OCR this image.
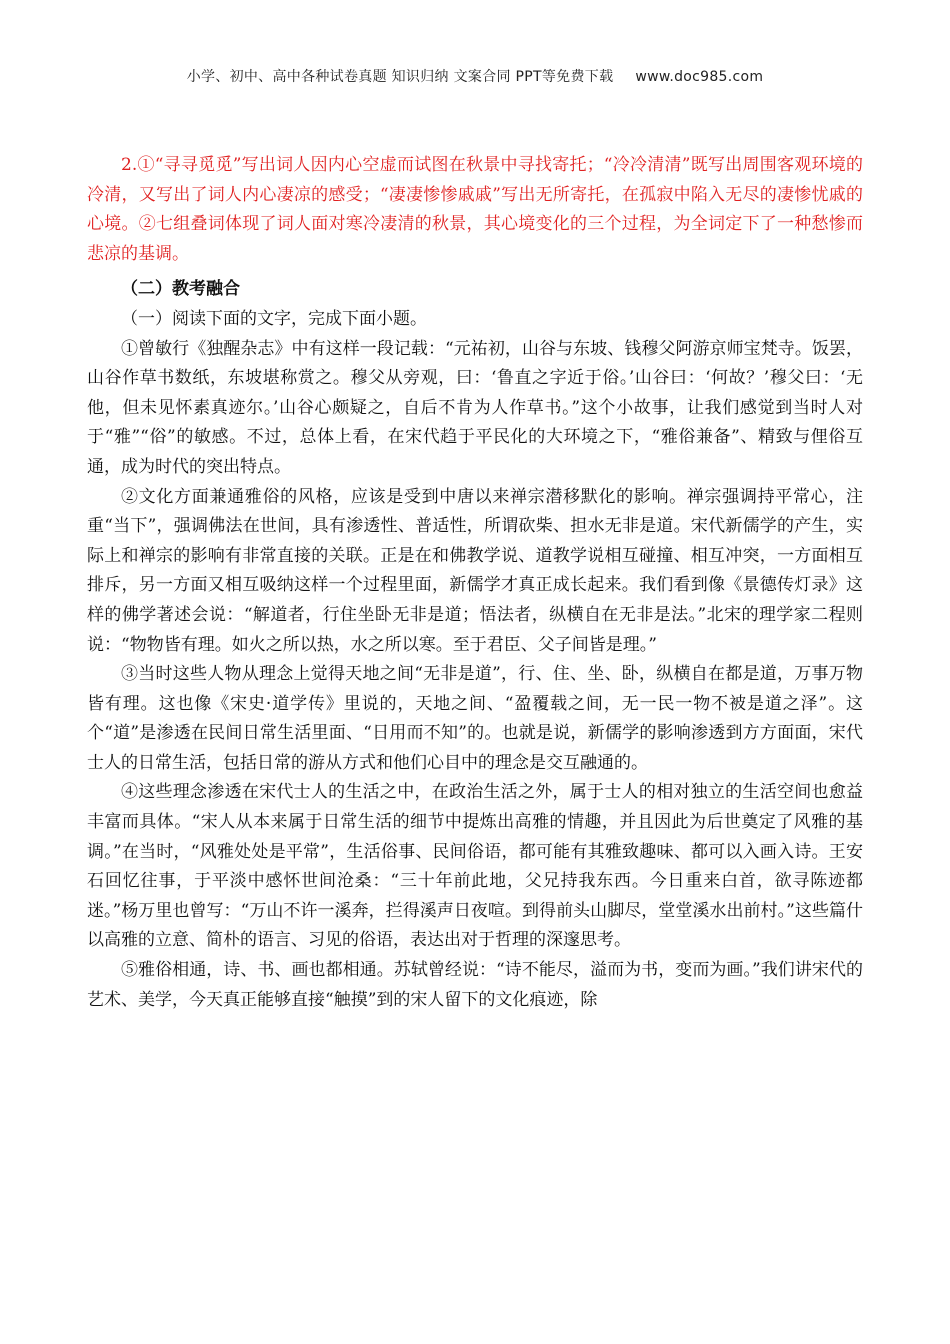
小学、初中、高中各种试卷真题 知识归纳 文案合同 PPT等免费下载 www.doc985.com

2.①“寻寻觅觅”写出词人因内心空虚而试图在秋景中寻找寄托；“冷冷清清”既写出周围客观环境的冷清，又写出了词人内心凄凉的感受；“凄凄惨惨戚戚”写出无所寄托，在孤寂中陷入无尽的凄惨忧戚的心境。②七组叠词体现了词人面对寒冷凄清的秋景，其心境变化的三个过程，为全词定下了一种愁惨而悲凉的基调。

（二）教考融合

（一）阅读下面的文字，完成下面小题。

①曾敏行《独醒杂志》中有这样一段记载：“元祐初，山谷与东坡、钱穆父阿游京师宝梵寺。饭罢，山谷作草书数纸，东坡堪称赏之。穆父从旁观，曰：‘鲁直之字近于俗。’山谷曰：‘何故？’穆父曰：‘无他，但未见怀素真迹尔。’山谷心颇疑之，自后不肯为人作草书。”这个小故事，让我们感觉到当时人对于“雅”“俗”的敏感。不过，总体上看，在宋代趋于平民化的大环境之下，“雅俗兼备”、精致与俚俗互通，成为时代的突出特点。

②文化方面兼通雅俗的风格，应该是受到中唐以来禅宗潜移默化的影响。禅宗强调持平常心，注重“当下”，强调佛法在世间，具有渗透性、普适性，所谓砍柴、担水无非是道。宋代新儒学的产生，实际上和禅宗的影响有非常直接的关联。正是在和佛教学说、道教学说相互碰撞、相互冲突，一方面相互排斥，另一方面又相互吸纳这样一个过程里面，新儒学才真正成长起来。我们看到像《景德传灯录》这样的佛学著述会说：“解道者，行住坐卧无非是道；悟法者，纵横自在无非是法。”北宋的理学家二程则说：“物物皆有理。如火之所以热，水之所以寒。至于君臣、父子间皆是理。”

③当时这些人物从理念上觉得天地之间“无非是道”，行、住、坐、卧，纵横自在都是道，万事万物皆有理。这也像《宋史·道学传》里说的，天地之间、“盈覆载之间，无一民一物不被是道之泽”。这个“道”是渗透在民间日常生活里面、“日用而不知”的。也就是说，新儒学的影响渗透到方方面面，宋代士人的日常生活，包括日常的游从方式和他们心目中的理念是交互融通的。

④这些理念渗透在宋代士人的生活之中，在政治生活之外，属于士人的相对独立的生活空间也愈益丰富而具体。“宋人从本来属于日常生活的细节中提炼出高雅的情趣，并且因此为后世奠定了风雅的基调。”在当时，“风雅处处是平常”，生活俗事、民间俗语，都可能有其雅致趣味、都可以入画入诗。王安石回忆往事，于平淡中感怀世间沧桑：“三十年前此地，父兄持我东西。今日重来白首，欲寻陈迹都迷。”杨万里也曾写：“万山不许一溪奔，拦得溪声日夜喧。到得前头山脚尽，堂堂溪水出前村。”这些篇什以高雅的立意、简朴的语言、习见的俗语，表达出对于哲理的深邃思考。

⑤雅俗相通，诗、书、画也都相通。苏轼曾经说：“诗不能尽，溢而为书，变而为画。”我们讲宋代的艺术、美学，今天真正能够直接“触摸”到的宋人留下的文化痕迹，除
